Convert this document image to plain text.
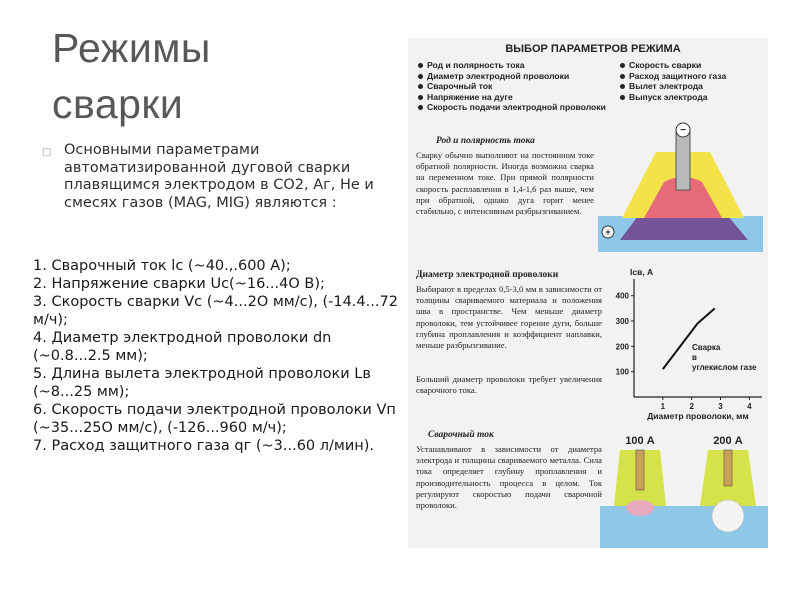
Режимы
сварки
□ Основными параметрами автоматизированной дуговой сварки плавящимся электродом в СО2, Аг, Не и смесях газов (MAG, MIG) являются :
1. Сварочный ток lc (~40.,.600 А);
2. Напряжение сварки Uc(~16...4O В);
3. Скорость сварки Vc (~4...2O мм/с), (-14.4...72 м/ч);
4. Диаметр электродной проволоки dn (~0.8...2.5 мм);
5. Длина вылета электродной проволоки Lв (~8...25 мм);
6. Скорость подачи электродной проволоки Vп (~35...25О мм/с), (-126...960 м/ч);
7. Расход защитного газа qг (~3...60 л/мин).
ВЫБОР ПАРАМЕТРОВ РЕЖИМА
Род и полярность тока
Диаметр электродной проволоки
Сварочный ток
Напряжение на дуге
Скорость подачи электродной проволоки
Скорость сварки
Расход защитного газа
Вылет электрода
Выпуск электрода
Род и полярность тока
Сварку обычно выполняют на постоянном токе обратной полярности. Иногда возможна сварка на переменном токе. При прямой полярности скорость расплавления в 1,4-1,6 раз выше, чем при обратной, однако дуга горит менее стабильно, с интенсивным разбрызгиванием.
−
+
Диаметр электродной проволоки
Выбирают в пределах 0,5-3,0 мм в зависимости от толщины свариваемого материала и положения шва в пространстве. Чем меньше диаметр проволоки, тем устойчивее горение дуги, больше глубина проплавления и коэффициент наплавки, меньше разбрызгивание.
Больший диаметр проволоки требует увеличения сварочного тока.
100
200
300
400
1	2	3	4
Iсв, А
Диаметр проволоки, мм
Сварка в углекислом газе
Сварочный ток
Устанавливают в зависимости от диаметра электрода и толщины свариваемого металла. Сила тока определяет глубину проплавления и производительность процесса в целом. Ток регулируют скоростью подачи сварочной проволоки.
100 А	200 А
